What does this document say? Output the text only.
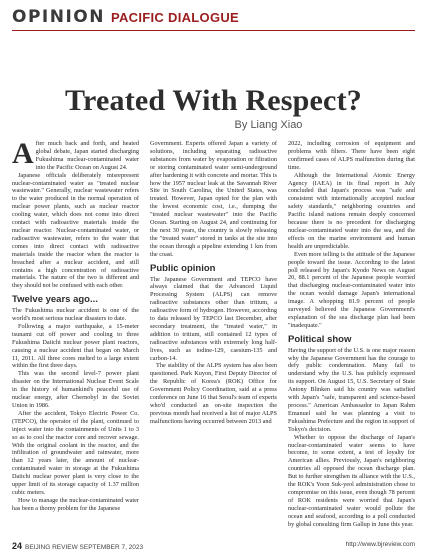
OPINION PACIFIC DIALOGUE
Treated With Respect?
By Liang Xiao

After much back and forth, and heated global debate, Japan started discharging Fukushima nuclear-contaminated water into the Pacific Ocean on August 24.

Japanese officials deliberately misrepresent nuclear-contaminated water as "treated nuclear wastewater." Generally, nuclear wastewater refers to the water produced in the normal operation of nuclear power plants, such as nuclear reactor cooling water, which does not come into direct contact with radioactive materials inside the nuclear reactor. Nuclear-contaminated water, or radioactive wastewater, refers to the water that comes into direct contact with radioactive materials inside the reactor when the reactor is breached after a nuclear accident, and still contains a high concentration of radioactive materials. The nature of the two is different and they should not be confused with each other.

Twelve years ago...

The Fukushima nuclear accident is one of the world's most serious nuclear disasters to date.

Following a major earthquake, a 15-meter tsunami cut off power and cooling to three Fukushima Daiichi nuclear power plant reactors, causing a nuclear accident that began on March 11, 2011. All three cores melted to a large extent within the first three days.

This was the second level-7 power plant disaster on the International Nuclear Event Scale in the history of humankind's peaceful use of nuclear energy, after Chernobyl in the Soviet Union in 1986.

After the accident, Tokyo Electric Power Co. (TEPCO), the operator of the plant, continued to inject water into the containments of Units 1 to 3 so as to cool the reactor core and recover sewage. With the original coolant in the reactor, and the infiltration of groundwater and rainwater, more than 12 years later, the amount of nuclear-contaminated water in storage at the Fukushima Daiichi nuclear power plant is very close to the upper limit of its storage capacity of 1.37 million cubic meters.

How to manage the nuclear-contaminated water has been a thorny problem for the Japanese

Government. Experts offered Japan a variety of solutions, including separating radioactive substances from water by evaporation or filtration or storing contaminated water semi-underground after hardening it with concrete and mortar. This is how the 1957 nuclear leak at the Savannah River Site in South Carolina, the United States, was treated. However, Japan opted for the plan with the lowest economic cost, i.e., dumping the "treated nuclear wastewater" into the Pacific Ocean. Starting on August 24, and continuing for the next 30 years, the country is slowly releasing the "treated water" stored in tanks at the site into the ocean through a pipeline extending 1 km from the coast.

Public opinion

The Japanese Government and TEPCO have always claimed that the Advanced Liquid Processing System (ALPS) can remove radioactive substances other than tritium, a radioactive form of hydrogen. However, according to data released by TEPCO last December, after secondary treatment, the "treated water," in addition to tritium, still contained 12 types of radioactive substances with extremely long half-lives, such as iodine-129, caesium-135 and carbon-14.

The stability of the ALPS system has also been questioned. Park Kuyon, First Deputy Director of the Republic of Korea's (ROK) Office for Government Policy Coordination, said at a press conference on June 16 that Seoul's team of experts who'd conducted an on-site inspection the previous month had received a list of major ALPS malfunctions having occurred between 2013 and

2022, including corrosion of equipment and problems with filters. There have been eight confirmed cases of ALPS malfunction during that time.

Although the International Atomic Energy Agency (IAEA) in its final report in July concluded that Japan's process was "safe and consistent with internationally accepted nuclear safety standards," neighboring countries and Pacific island nations remain deeply concerned because there is no precedent for discharging nuclear-contaminated water into the sea, and the effects on the marine environment and human health are unpredictable.

Even more telling is the attitude of the Japanese people toward the issue. According to the latest poll released by Japan's Kyodo News on August 20, 88.1 percent of the Japanese people worried that discharging nuclear-contaminated water into the ocean would damage Japan's international image. A whopping 81.9 percent of people surveyed believed the Japanese Government's explanation of the sea discharge plan had been "inadequate."

Political show

Having the support of the U.S. is one major reason why the Japanese Government has the courage to defy public condemnation. Many fail to understand why the U.S. has publicly expressed its support. On August 15, U.S. Secretary of State Antony Blinken said his country was satisfied with Japan's "safe, transparent and science-based process." American Ambassador to Japan Rahm Emanuel said he was planning a visit to Fukushima Prefecture and the region in support of Tokyo's decision.

Whether to oppose the discharge of Japan's nuclear-contaminated water seems to have become, to some extent, a test of loyalty for American allies. Previously, Japan's neighboring countries all opposed the ocean discharge plan. But to further strengthen its alliance with the U.S., the ROK's Yoon Suk-yeol administration chose to compromise on this issue, even though 78 percent of ROK residents were worried that Japan's nuclear-contaminated water would pollute the ocean and seafood, according to a poll conducted by global consulting firm Gallup in June this year.

24 BEIJING REVIEW SEPTEMBER 7, 2023	http://www.bjreview.com
